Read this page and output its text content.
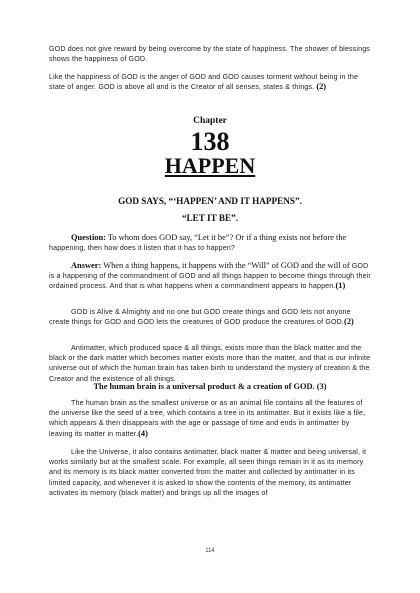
GOD does not give reward by being overcome by the state of happiness. The shower of blessings shows the happiness of GOD.

Like the happiness of GOD is the anger of GOD and GOD causes torment without being in the state of anger. GOD is above all and is the Creator of all senses, states & things. (2)

Chapter
138
HAPPEN
GOD SAYS, “‘HAPPEN’ AND IT HAPPENS”.
“LET IT BE”.

Question: To whom does GOD say, “Let it be”? Or if a thing exists not before the happening, then how does it listen that it has to happen?

Answer: When a thing happens, it happens with the “Will” of GOD and the will of GOD is a happening of the commandment of GOD and all things happen to become things through their ordained process. And that is what happens when a commandment appears to happen.(1)

GOD is Alive & Almighty and no one but GOD create things and GOD lets not anyone create things for GOD and GOD lets the creatures of GOD produce the creatures of GOD.(2)

Antimatter, which produced space & all things, exists more than the black matter and the black or the dark matter which becomes matter exists more than the matter, and that is our infinite universe out of which the human brain has taken birth to understand the mystery of creation & the Creator and the existence of all things.

The human brain is a universal product & a creation of GOD. (3)

The human brain as the smallest universe or as an animal file contains all the features of the universe like the seed of a tree, which contains a tree in its antimatter. But it exists like a file, which appears & then disappears with the age or passage of time and ends in antimatter by leaving its matter in matter.(4)

Like the Universe, it also contains antimatter, black matter & matter and being universal, it works similarly but at the smallest scale. For example, all seen things remain in it as its memory and its memory is its black matter converted from the matter and collected by antimatter in its limited capacity, and whenever it is asked to show the contents of the memory, its antimatter activates its memory (black matter) and brings up all the images of

114
